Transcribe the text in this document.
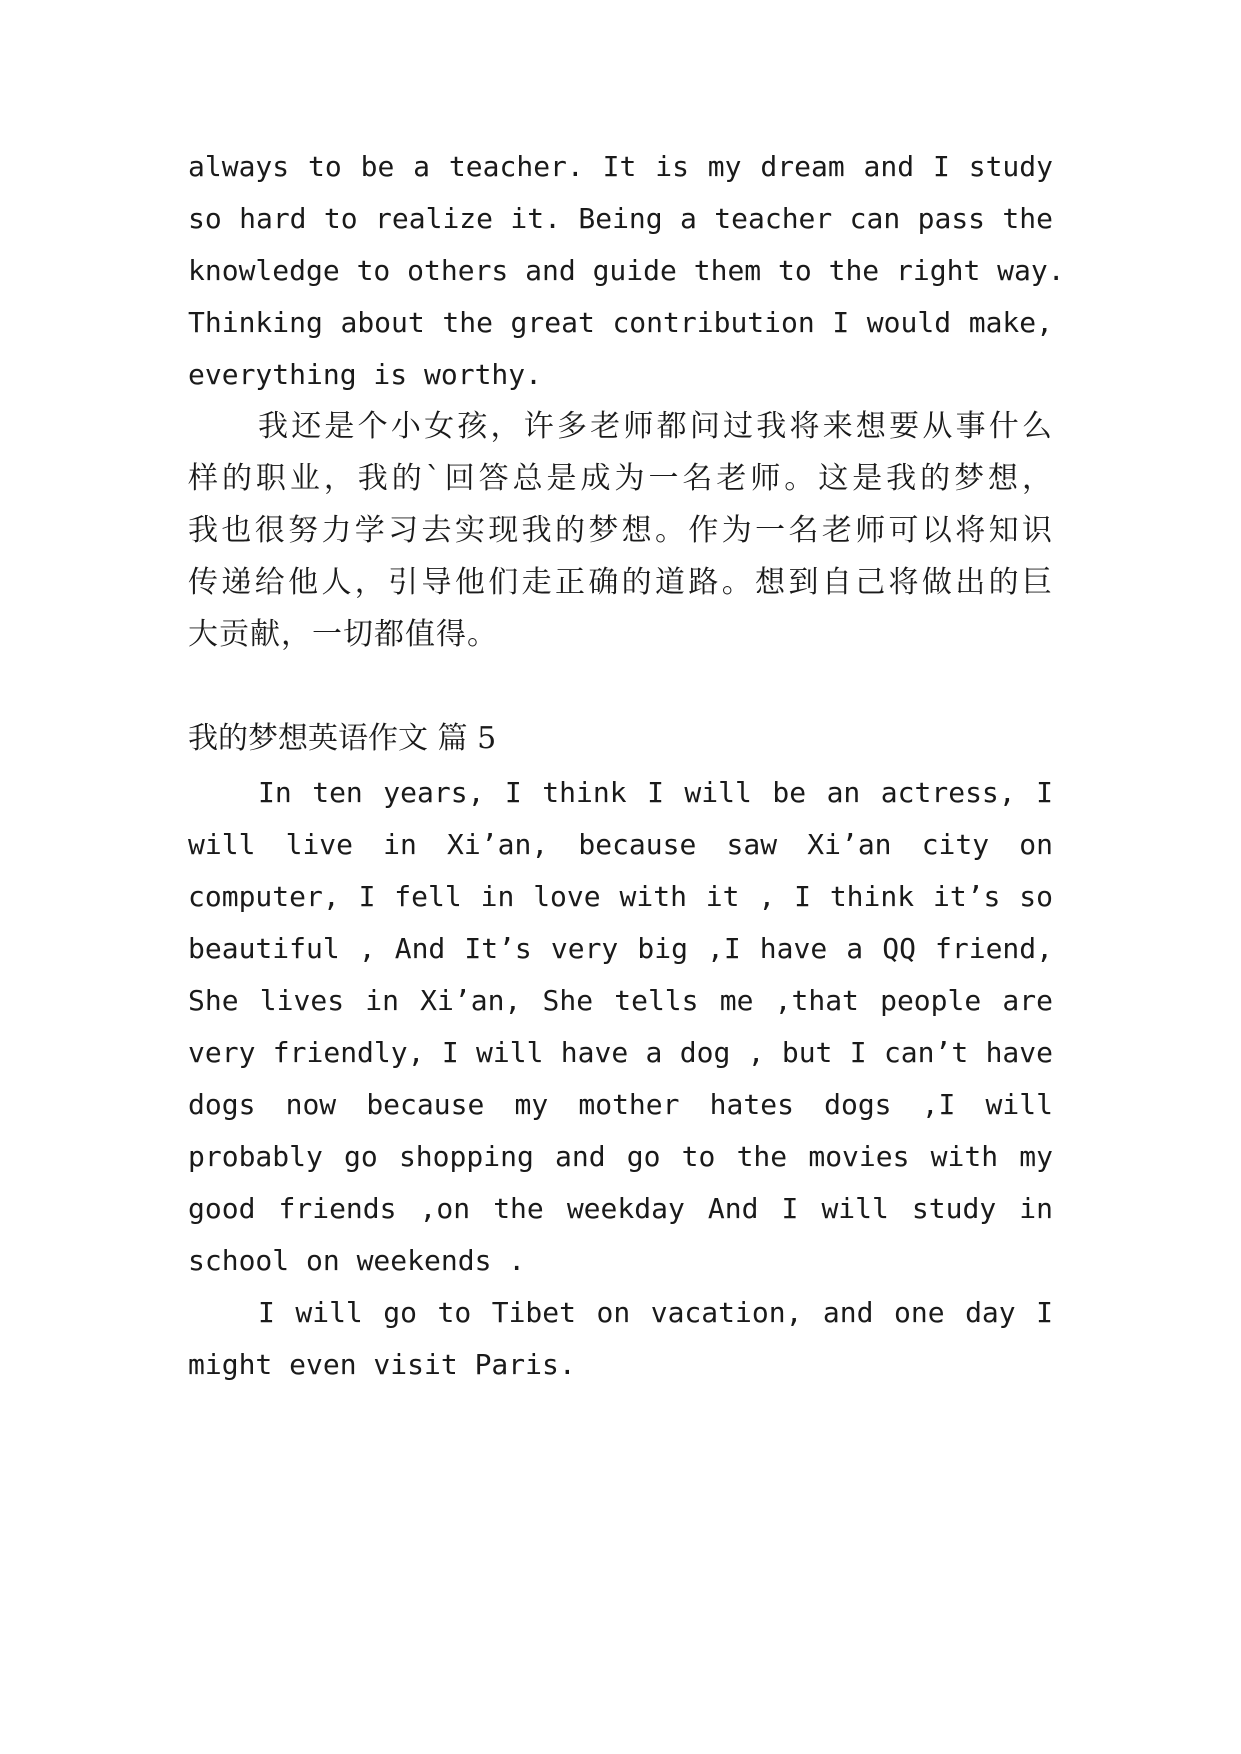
always to be a teacher. It is my dream and I study
so hard to realize it. Being a teacher can pass the
knowledge to others and guide them to the right way.
Thinking about the great contribution I would make,
everything is worthy.
我还是个小女孩，许多老师都问过我将来想要从事什么
样的职业，我的`回答总是成为一名老师。这是我的梦想，
我也很努力学习去实现我的梦想。作为一名老师可以将知识
传递给他人，引导他们走正确的道路。想到自己将做出的巨
大贡献，一切都值得。
我的梦想英语作文 篇 5
In ten years, I think I will be an actress, I
will live in Xi’an, because saw Xi’an city on
computer, I fell in love with it , I think it’s so
beautiful , And It’s very big ,I have a QQ friend,
She lives in Xi’an, She tells me ,that people are
very friendly, I will have a dog , but I can’t have
dogs now because my mother hates dogs ,I will
probably go shopping and go to the movies with my
good friends ,on the weekday And I will study in
school on weekends .
I will go to Tibet on vacation, and one day I
might even visit Paris.
